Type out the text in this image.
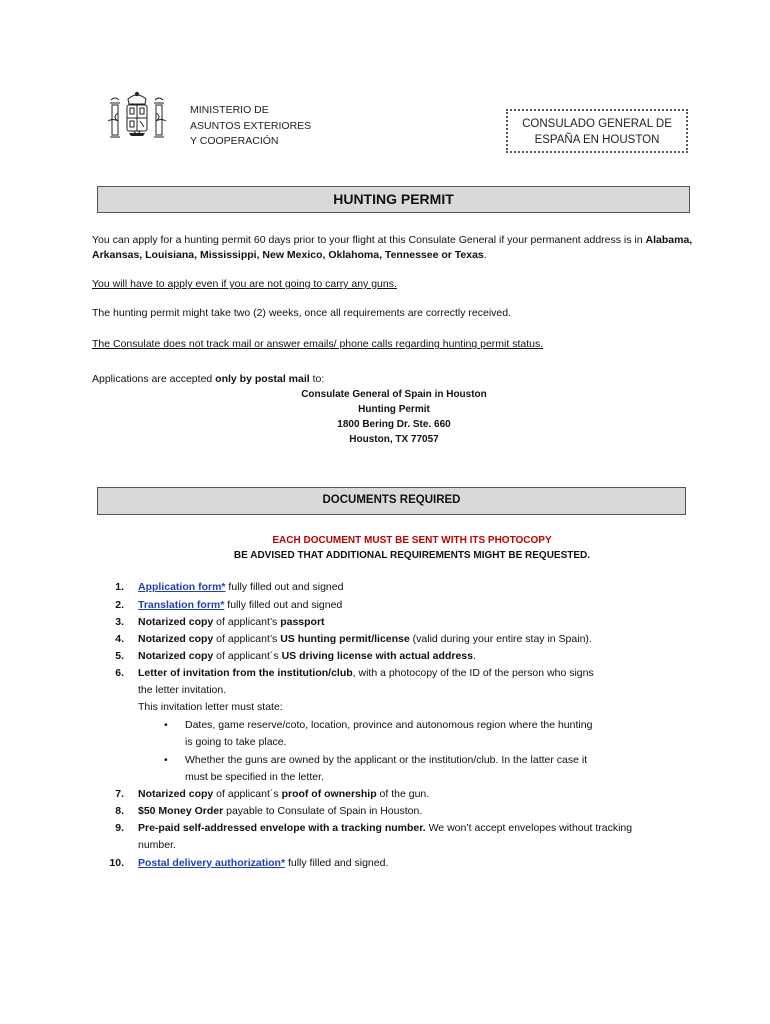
MINISTERIO DE
ASUNTOS EXTERIORES
Y COOPERACIÓN
CONSULADO GENERAL DE
ESPAÑA EN HOUSTON
HUNTING PERMIT
You can apply for a hunting permit 60 days prior to your flight at this Consulate General if your permanent address is in Alabama, Arkansas, Louisiana, Mississippi, New Mexico, Oklahoma, Tennessee or Texas.
You will have to apply even if you are not going to carry any guns.
The hunting permit might take two (2) weeks, once all requirements are correctly received.
The Consulate does not track mail or answer emails/ phone calls regarding hunting permit status.
Applications are accepted only by postal mail to:
Consulate General of Spain in Houston
Hunting Permit
1800 Bering Dr. Ste. 660
Houston, TX 77057
DOCUMENTS REQUIRED
EACH DOCUMENT MUST BE SENT WITH ITS PHOTOCOPY
BE ADVISED THAT ADDITIONAL REQUIREMENTS MIGHT BE REQUESTED.
1. Application form* fully filled out and signed
2. Translation form* fully filled out and signed
3. Notarized copy of applicant’s passport
4. Notarized copy of applicant’s US hunting permit/license (valid during your entire stay in Spain).
5. Notarized copy of applicant´s US driving license with actual address.
6. Letter of invitation from the institution/club, with a photocopy of the ID of the person who signs
the letter invitation.
This invitation letter must state:
• Dates, game reserve/coto, location, province and autonomous region where the hunting
is going to take place.
• Whether the guns are owned by the applicant or the institution/club. In the latter case it
must be specified in the letter.
7. Notarized copy of applicant´s proof of ownership of the gun.
8. $50 Money Order payable to Consulate of Spain in Houston.
9. Pre-paid self-addressed envelope with a tracking number. We won’t accept envelopes without tracking
number.
10. Postal delivery authorization* fully filled and signed.
